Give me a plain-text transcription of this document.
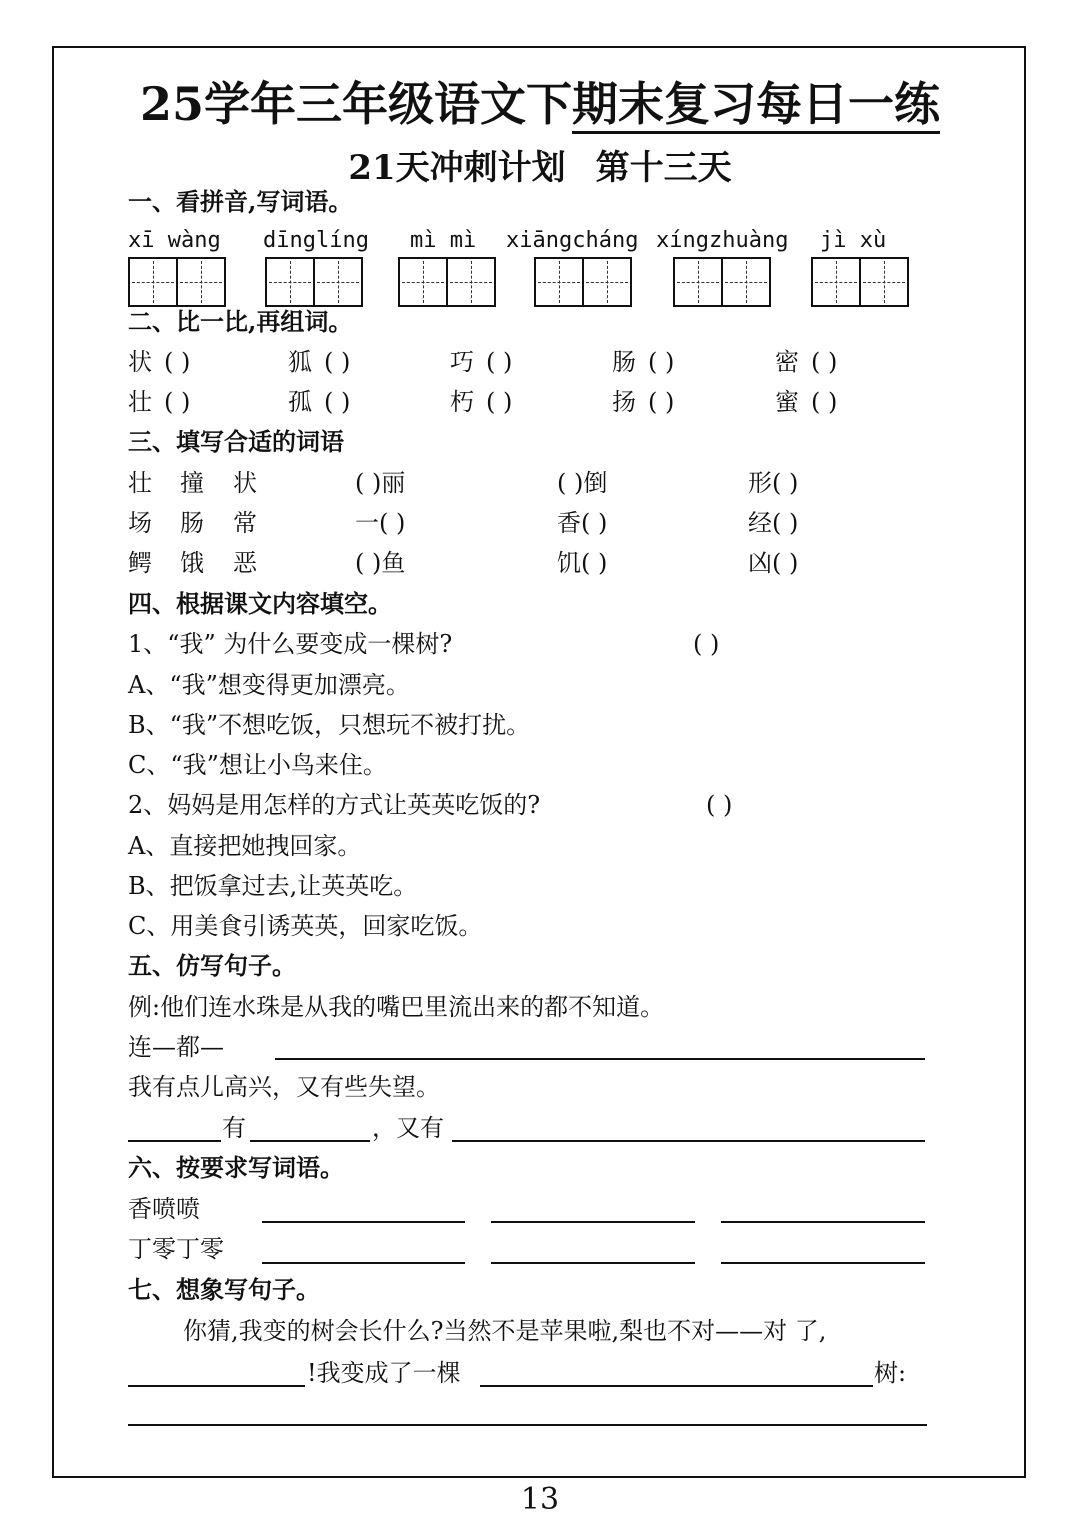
25学年三年级语文下期末复习每日一练
21天冲刺计划 第十三天
一、看拼音,写词语。
xī wàng dīnglíng mì mì xiāngcháng xíngzhuàng jì xù
二、比一比,再组词。
状 ( )	狐 ( )	巧 ( )	肠 ( )	密 ( )
壮 ( )	孤 ( )	朽 ( )	扬 ( )	蜜 ( )
三、填写合适的词语
壮 撞 状	( )丽	( )倒	形( )
场 肠 常	一( )	香( )	经( )
鳄 饿 恶	( )鱼	饥( )	凶( )
四、根据课文内容填空。
1、“我” 为什么要变成一棵树?	( )
A、“我”想变得更加漂亮。
B、“我”不想吃饭，只想玩不被打扰。
C、“我”想让小鸟来住。
2、妈妈是用怎样的方式让英英吃饭的?	( )
A、直接把她拽回家。
B、把饭拿过去,让英英吃。
C、用美食引诱英英，回家吃饭。
五、仿写句子。
例:他们连水珠是从我的嘴巴里流出来的都不知道。
连—都—
我有点儿高兴，又有些失望。
有	，又有
六、按要求写词语。
香喷喷
丁零丁零
七、想象写句子。
你猜,我变的树会长什么?当然不是苹果啦,梨也不对——对 了,
!我变成了一棵	树:
13
